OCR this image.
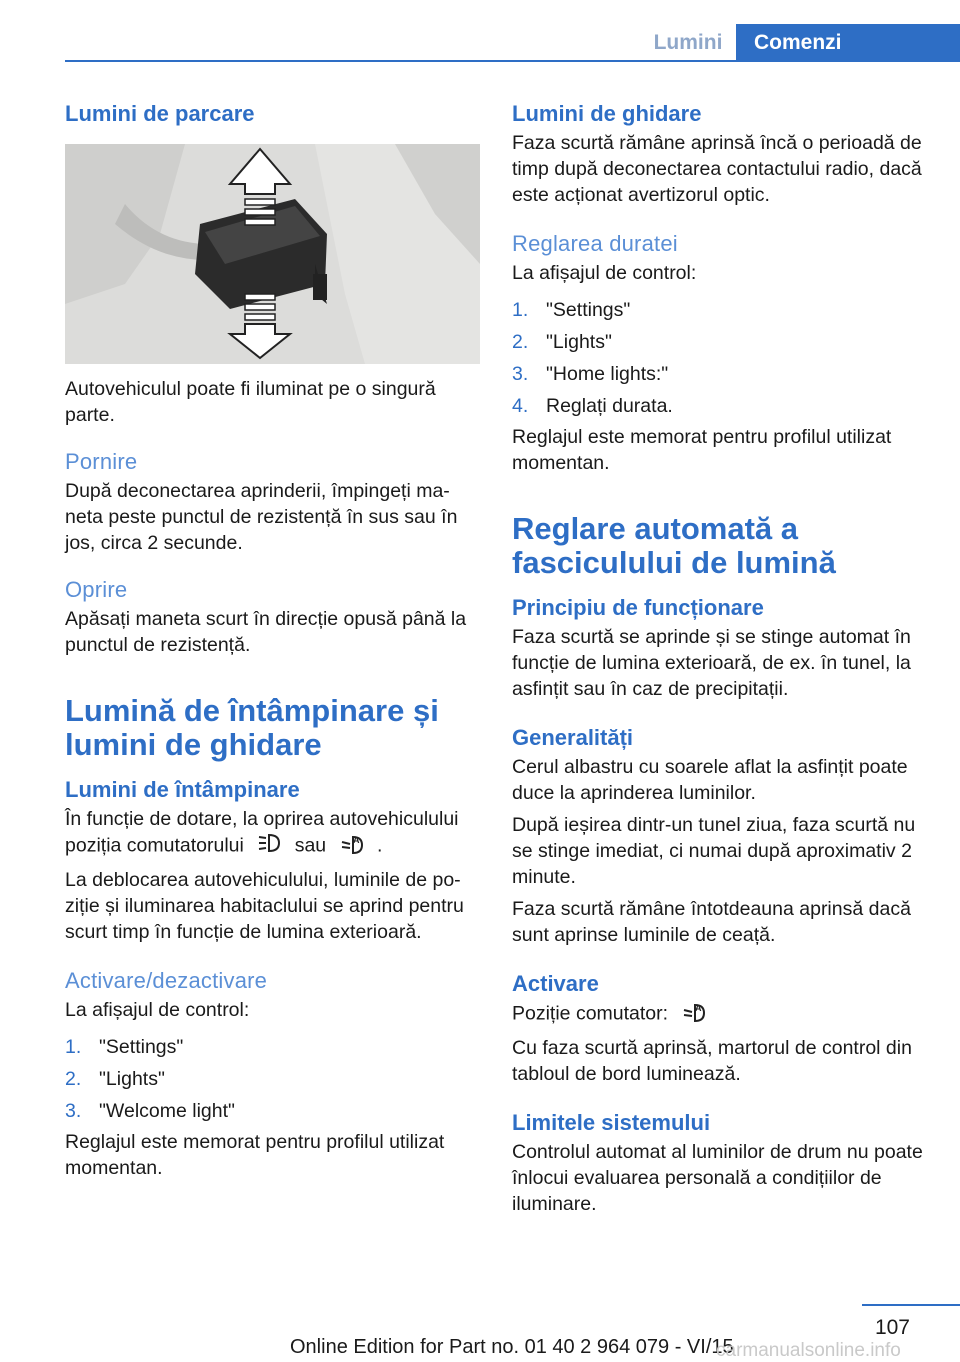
Lumini	Comenzi
Lumini de parcare
Autovehiculul poate fi iluminat pe o singură parte.
Pornire
După deconectarea aprinderii, împingeți ma-neta peste punctul de rezistență în sus sau în jos, circa 2 secunde.
Oprire
Apăsați maneta scurt în direcție opusă până la punctul de rezistență.
Lumină de întâmpinare și lumini de ghidare
Lumini de întâmpinare
În funcție de dotare, la oprirea autovehiculului poziția comutatorului	sau	A .
La deblocarea autovehiculului, luminile de po-ziție și iluminarea habitaclului se aprind pentru scurt timp în funcție de lumina exterioară.
Activare/dezactivare
La afișajul de control:
1. "Settings"
2. "Lights"
3. "Welcome light"
Reglajul este memorat pentru profilul utilizat momentan.
Lumini de ghidare
Faza scurtă rămâne aprinsă încă o perioadă de timp după deconectarea contactului radio, dacă este acționat avertizorul optic.
Reglarea duratei
La afișajul de control:
1. "Settings"
2. "Lights"
3. "Home lights:"
4. Reglați durata.
Reglajul este memorat pentru profilul utilizat momentan.
Reglare automată a fasciculului de lumină
Principiu de funcționare
Faza scurtă se aprinde și se stinge automat în funcție de lumina exterioară, de ex. în tunel, la asfințit sau în caz de precipitații.
Generalități
Cerul albastru cu soarele aflat la asfințit poate duce la aprinderea luminilor.
După ieșirea dintr-un tunel ziua, faza scurtă nu se stinge imediat, ci numai după aproximativ 2 minute.
Faza scurtă rămâne întotdeauna aprinsă dacă sunt aprinse luminile de ceață.
Activare
Poziție comutator:	A
Cu faza scurtă aprinsă, martorul de control din tabloul de bord luminează.
Limitele sistemului
Controlul automat al luminilor de drum nu poate înlocui evaluarea personală a condițiilor de iluminare.
107
Online Edition for Part no. 01 40 2 964 079 - VI/15
carmanualsonline.info
